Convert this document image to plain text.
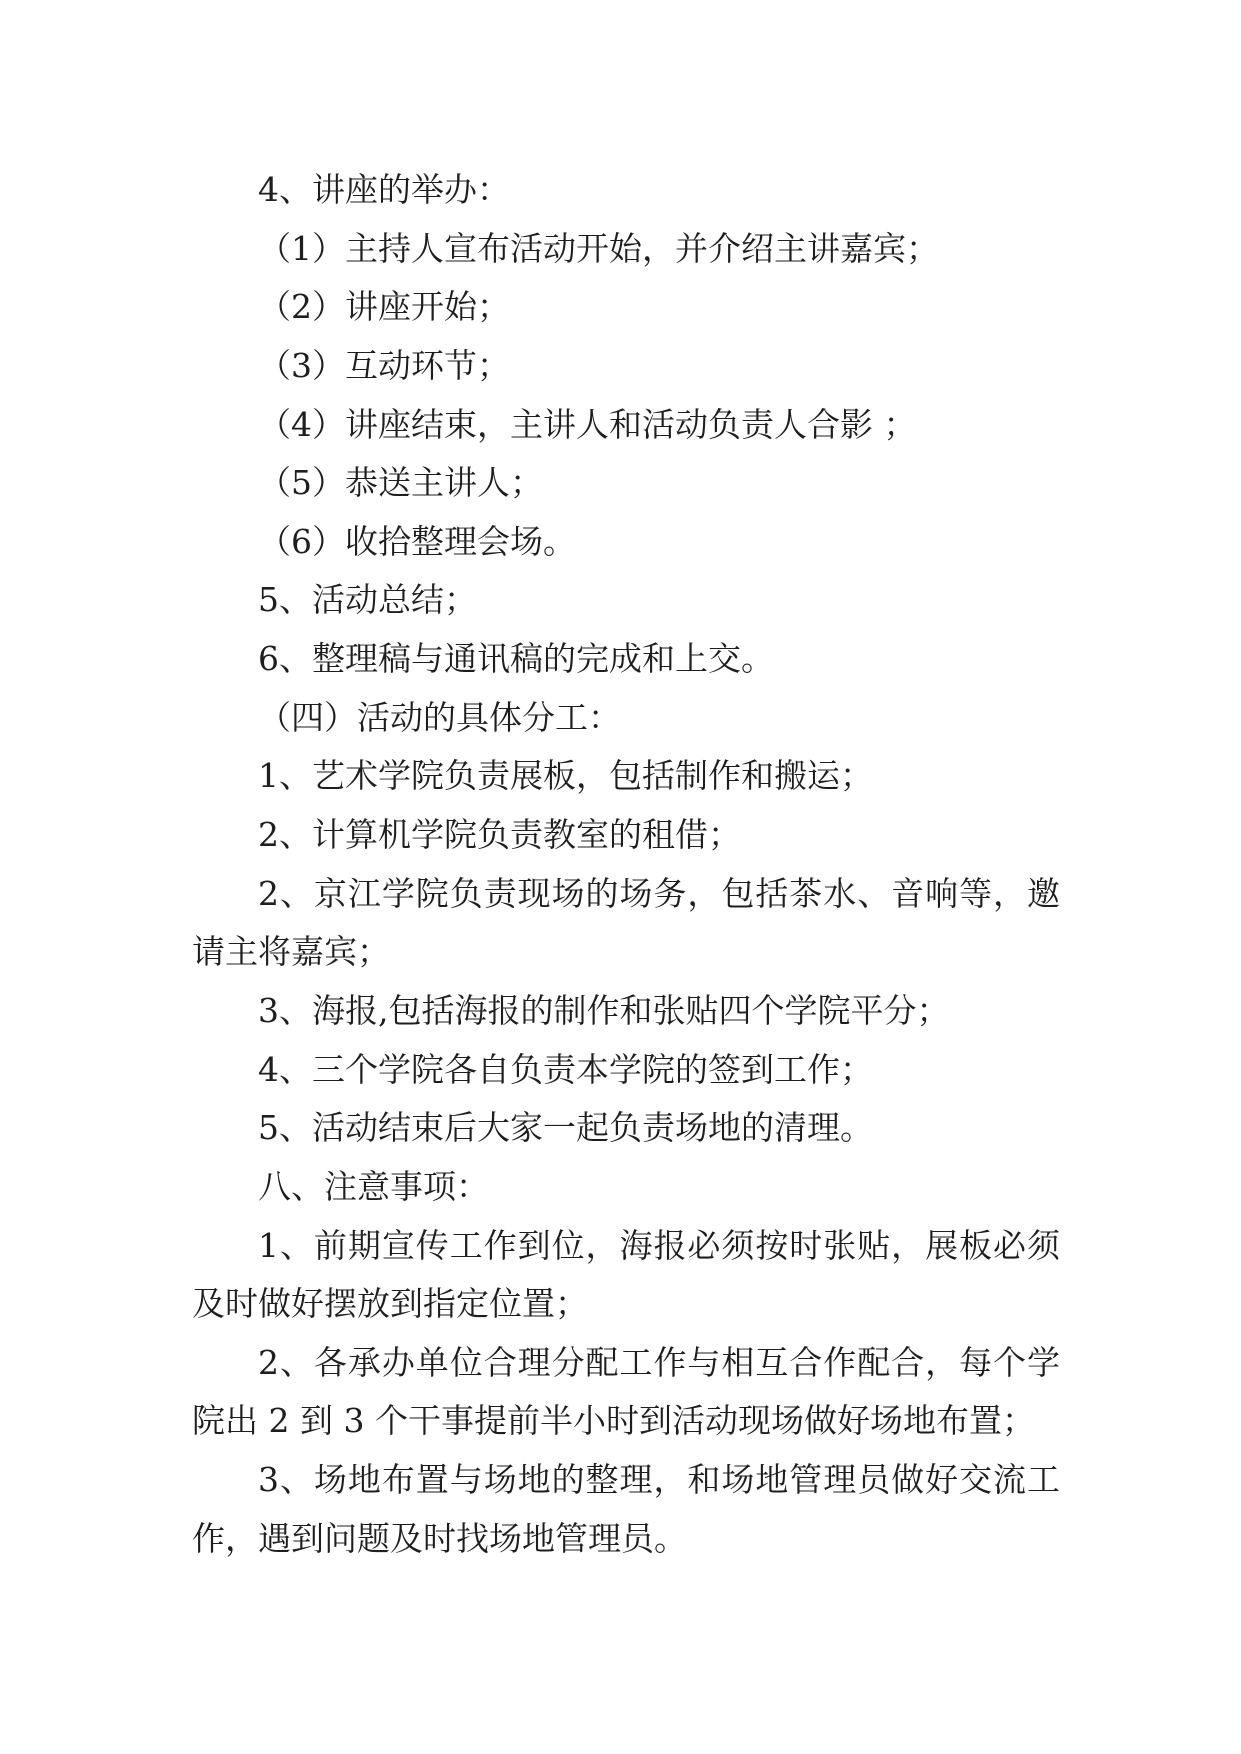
4、讲座的举办：
（1）主持人宣布活动开始，并介绍主讲嘉宾；
（2）讲座开始；
（3）互动环节；
（4）讲座结束，主讲人和活动负责人合影 ；
（5）恭送主讲人；
（6）收拾整理会场。
5、活动总结；
6、整理稿与通讯稿的完成和上交。
（四）活动的具体分工：
1、艺术学院负责展板，包括制作和搬运；
2、计算机学院负责教室的租借；
2、京江学院负责现场的场务，包括茶水、音响等，邀
请主将嘉宾；
3、海报,包括海报的制作和张贴四个学院平分；
4、三个学院各自负责本学院的签到工作；
5、活动结束后大家一起负责场地的清理。
八、注意事项：
1、前期宣传工作到位，海报必须按时张贴，展板必须
及时做好摆放到指定位置；
2、各承办单位合理分配工作与相互合作配合，每个学
院出 2 到 3 个干事提前半小时到活动现场做好场地布置；
3、场地布置与场地的整理，和场地管理员做好交流工
作，遇到问题及时找场地管理员。
